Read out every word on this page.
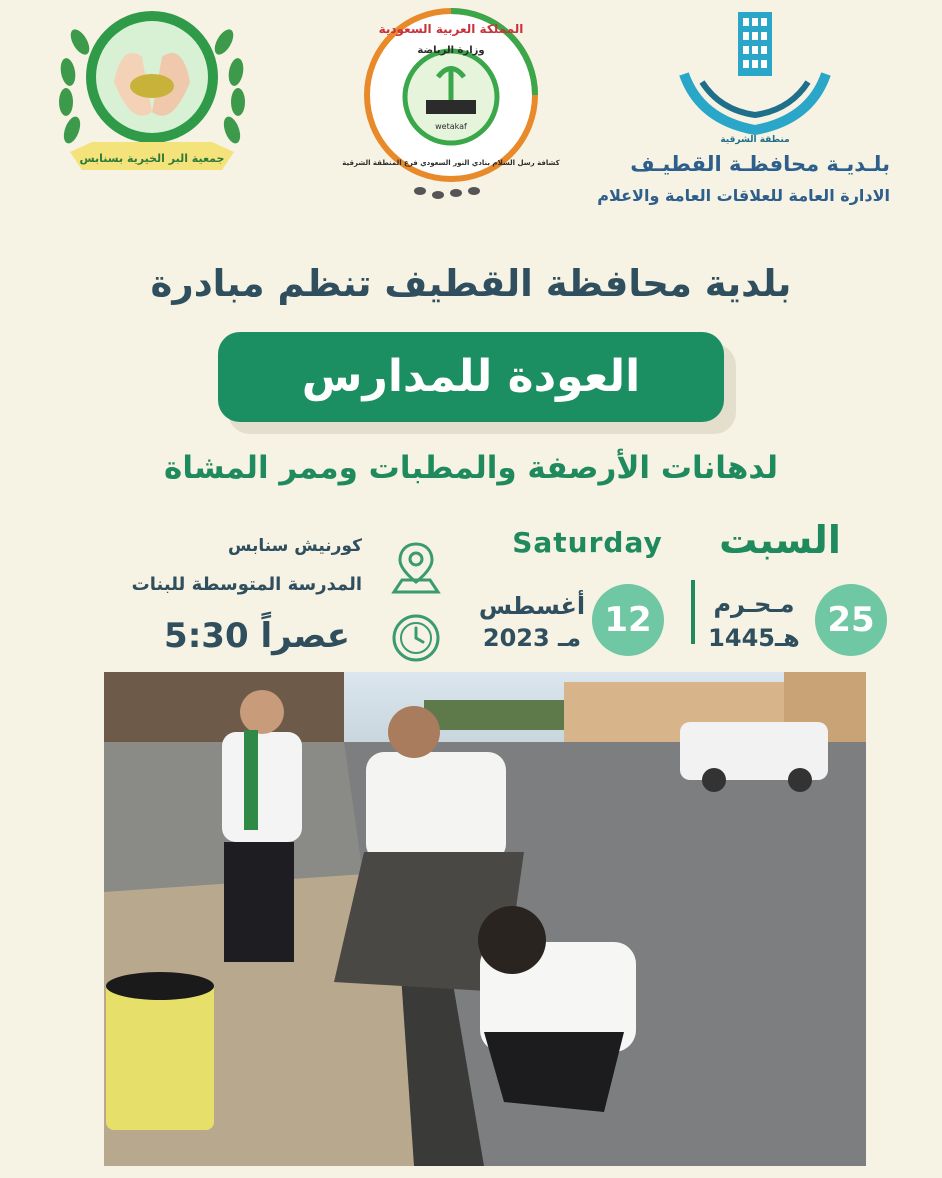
جمعية البر الخيرية بسنابس
المملكة العربية السعودية
وزارة الرياضة
wetakaf
كشافة رسل السلام بنادي النور السعودي فرع المنطقة الشرقية
منطقة الشرقية
بلـديـة محافظـة القطيـف
الادارة العامة للعلاقات العامة والاعلام
بلدية محافظة القطيف تنظم مبادرة
العودة للمدارس
لدهانات الأرصفة والمطبات وممر المشاة
السبت
Saturday
25
مـحـرم
1445هـ
12
أغسطس
2023 مـ
كورنيش سنابس
المدرسة المتوسطة للبنات
5:30 عصراً
